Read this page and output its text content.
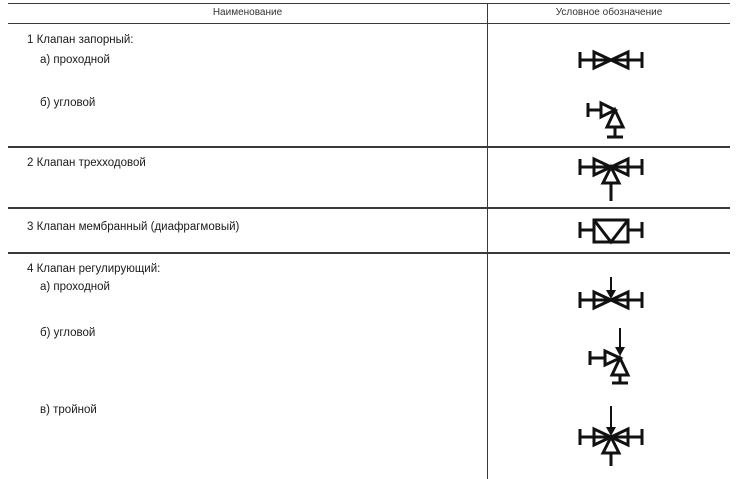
Наименование	Условное обозначение
1 Клапан запорный:
а) проходной
б) угловой
2 Клапан трехходовой
3 Клапан мембранный (диафрагмовый)
4 Клапан регулирующий:
а) проходной
б) угловой
в) тройной
